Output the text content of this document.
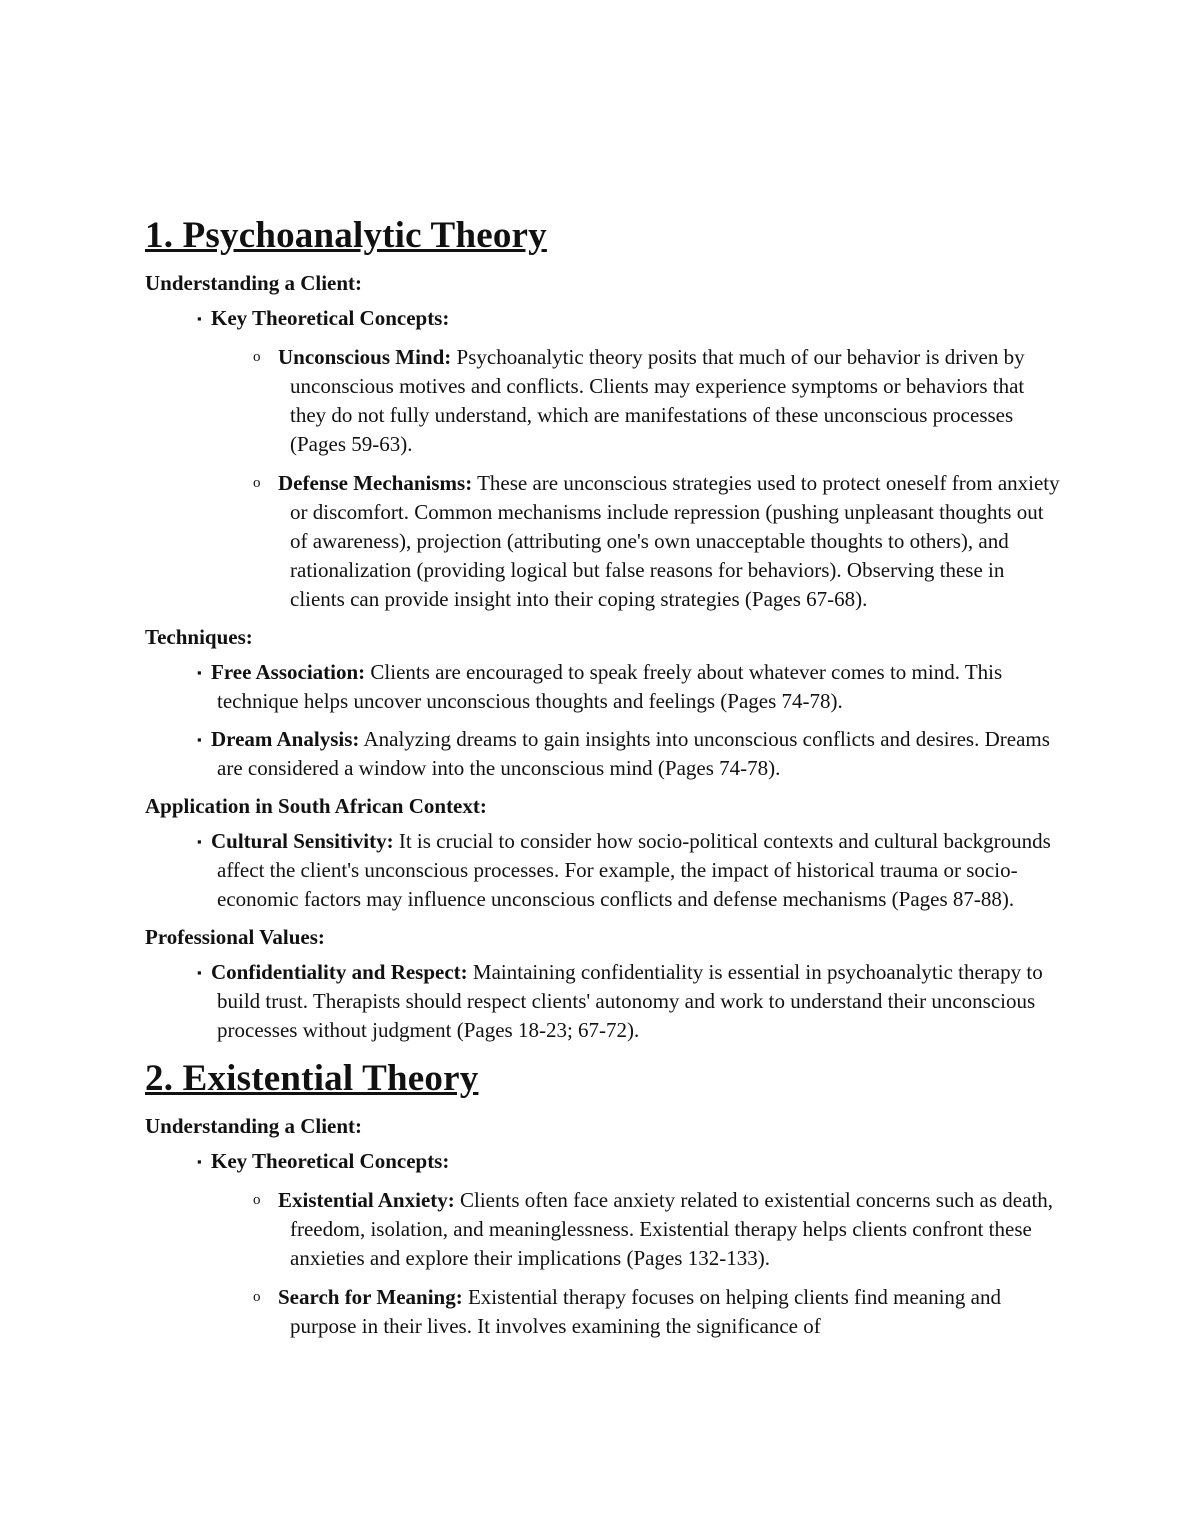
1. Psychoanalytic Theory
Understanding a Client:
▪ Key Theoretical Concepts:
o Unconscious Mind: Psychoanalytic theory posits that much of our behavior is driven by unconscious motives and conflicts. Clients may experience symptoms or behaviors that they do not fully understand, which are manifestations of these unconscious processes (Pages 59-63).
o Defense Mechanisms: These are unconscious strategies used to protect oneself from anxiety or discomfort. Common mechanisms include repression (pushing unpleasant thoughts out of awareness), projection (attributing one's own unacceptable thoughts to others), and rationalization (providing logical but false reasons for behaviors). Observing these in clients can provide insight into their coping strategies (Pages 67-68).
Techniques:
▪ Free Association: Clients are encouraged to speak freely about whatever comes to mind. This technique helps uncover unconscious thoughts and feelings (Pages 74-78).
▪ Dream Analysis: Analyzing dreams to gain insights into unconscious conflicts and desires. Dreams are considered a window into the unconscious mind (Pages 74-78).
Application in South African Context:
▪ Cultural Sensitivity: It is crucial to consider how socio-political contexts and cultural backgrounds affect the client's unconscious processes. For example, the impact of historical trauma or socio-economic factors may influence unconscious conflicts and defense mechanisms (Pages 87-88).
Professional Values:
▪ Confidentiality and Respect: Maintaining confidentiality is essential in psychoanalytic therapy to build trust. Therapists should respect clients' autonomy and work to understand their unconscious processes without judgment (Pages 18-23; 67-72).
2. Existential Theory
Understanding a Client:
▪ Key Theoretical Concepts:
o Existential Anxiety: Clients often face anxiety related to existential concerns such as death, freedom, isolation, and meaninglessness. Existential therapy helps clients confront these anxieties and explore their implications (Pages 132-133).
o Search for Meaning: Existential therapy focuses on helping clients find meaning and purpose in their lives. It involves examining the significance of
